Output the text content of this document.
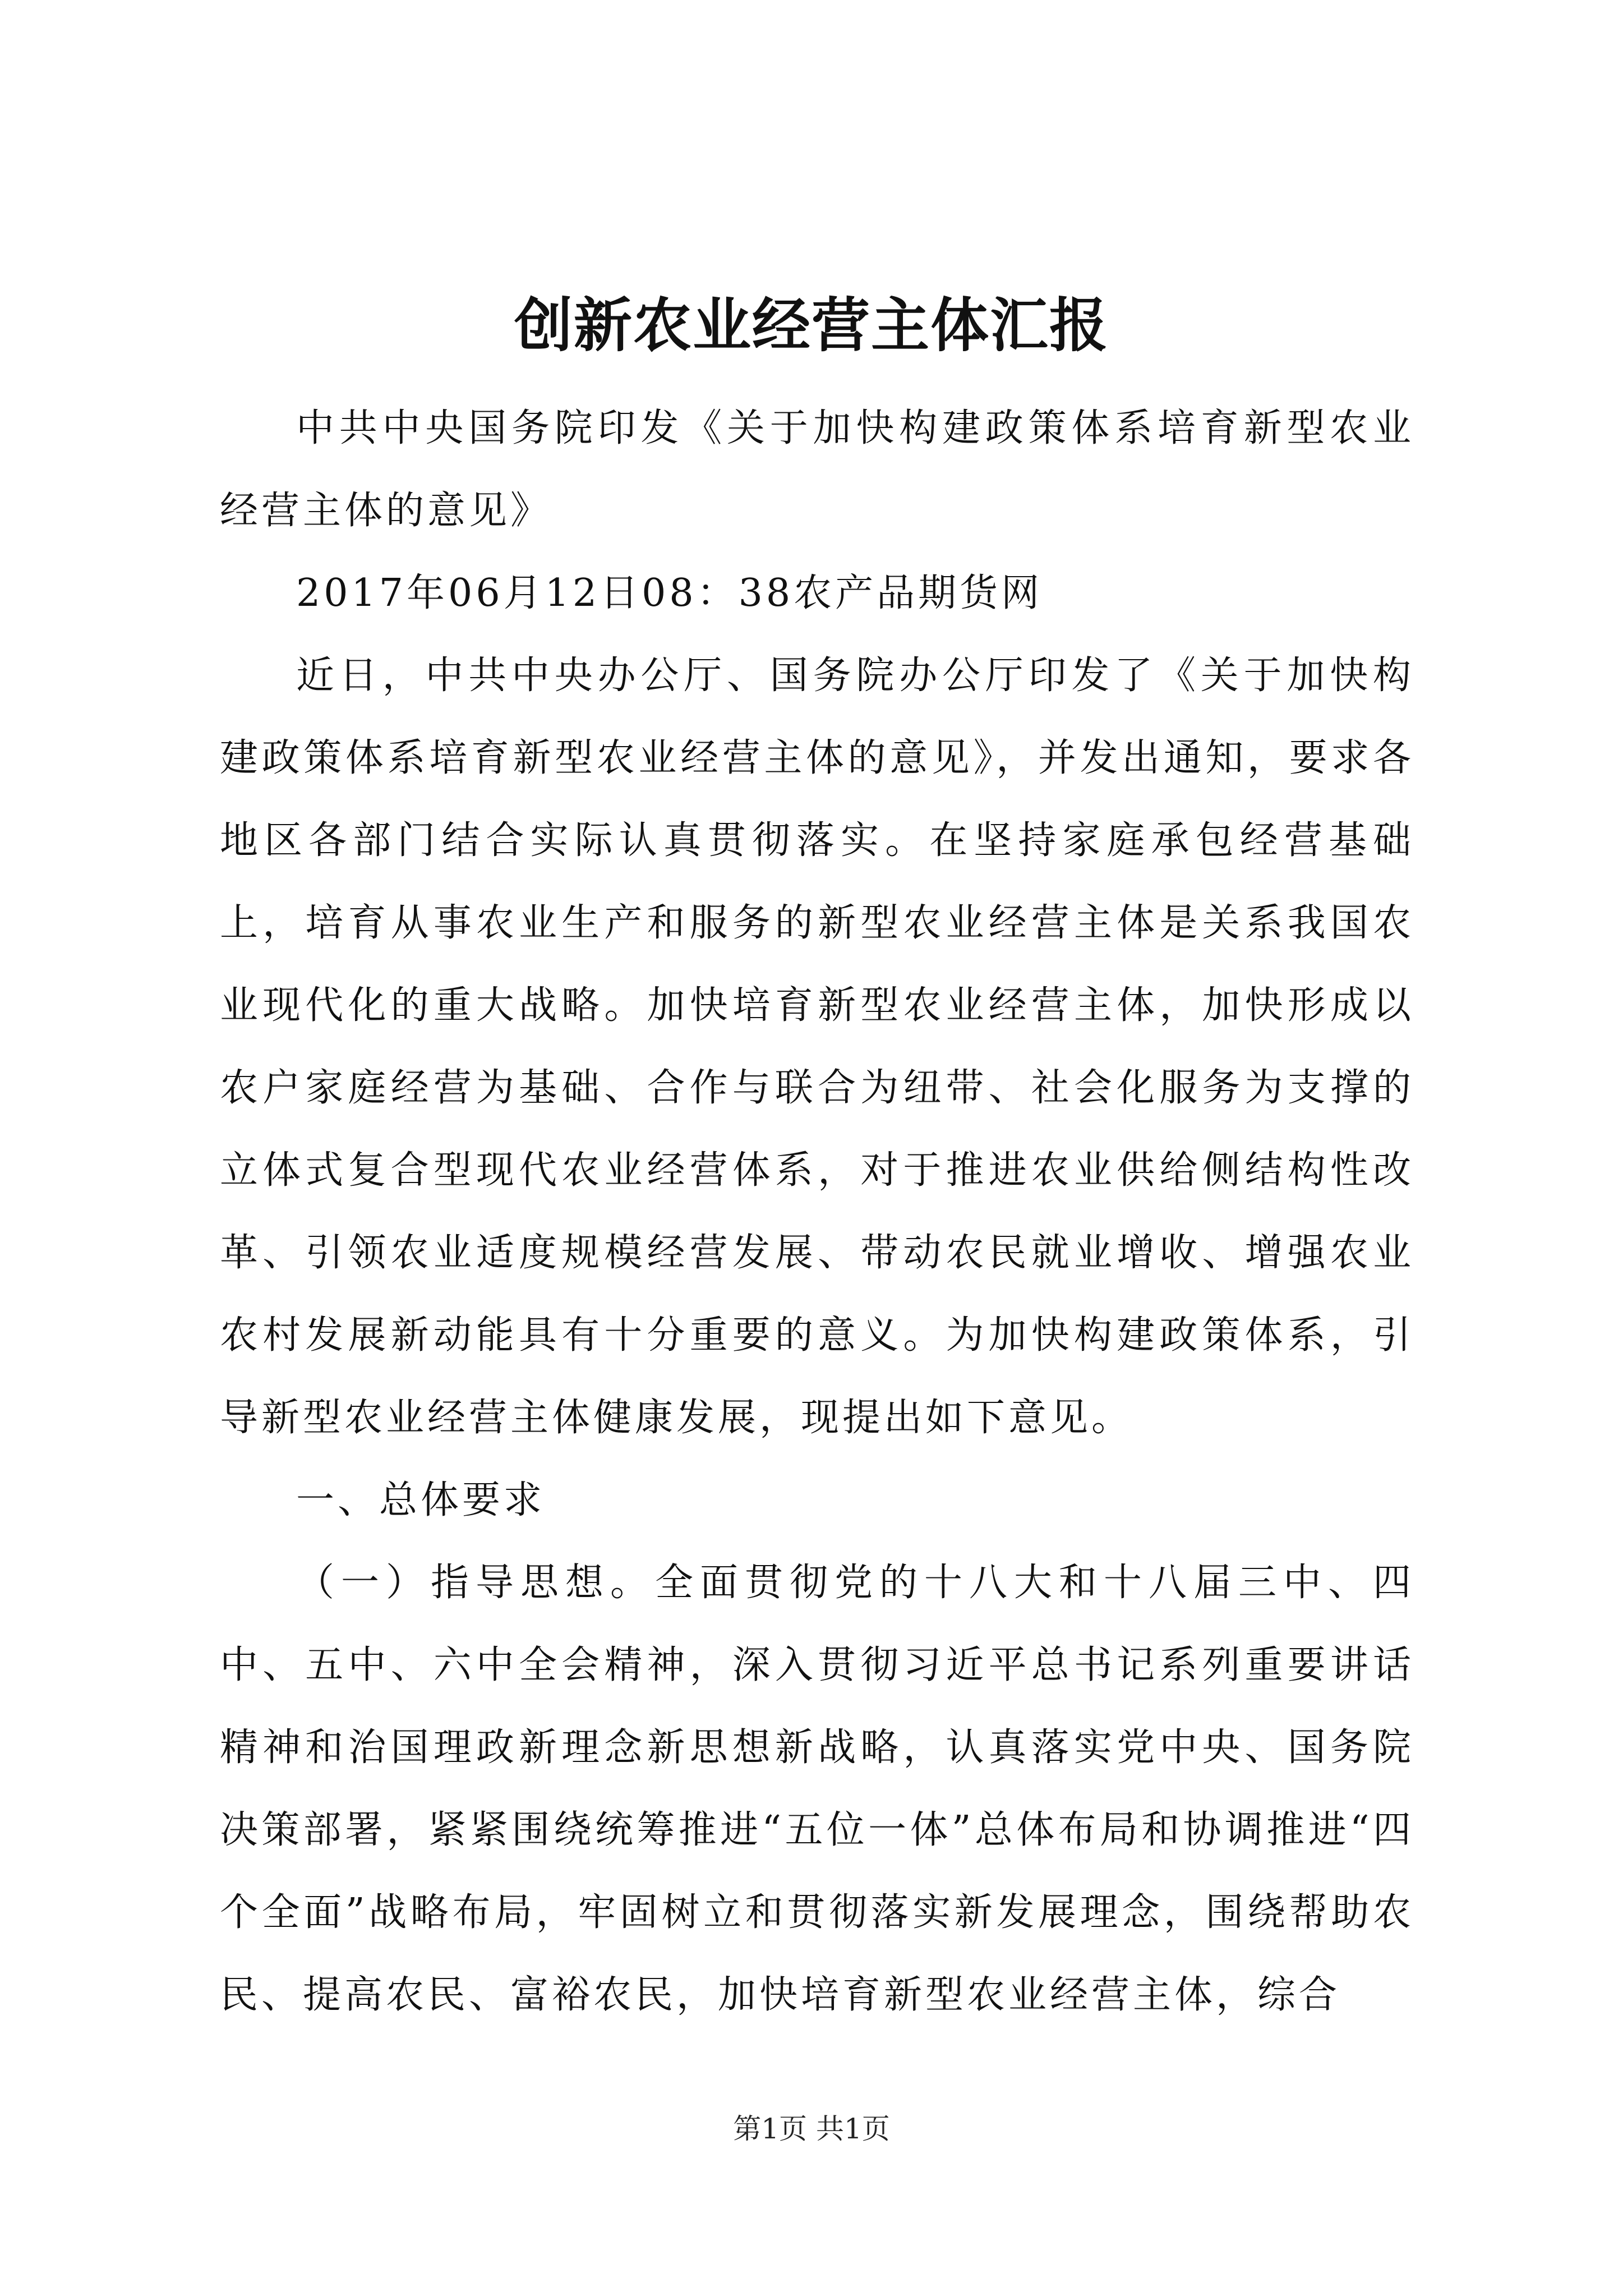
创新农业经营主体汇报

中共中央国务院印发《关于加快构建政策体系培育新型农业经营主体的意见》

2017年06月12日08：38农产品期货网

近日，中共中央办公厅、国务院办公厅印发了《关于加快构建政策体系培育新型农业经营主体的意见》，并发出通知，要求各地区各部门结合实际认真贯彻落实。在坚持家庭承包经营基础上，培育从事农业生产和服务的新型农业经营主体是关系我国农业现代化的重大战略。加快培育新型农业经营主体，加快形成以农户家庭经营为基础、合作与联合为纽带、社会化服务为支撑的立体式复合型现代农业经营体系，对于推进农业供给侧结构性改革、引领农业适度规模经营发展、带动农民就业增收、增强农业农村发展新动能具有十分重要的意义。为加快构建政策体系，引导新型农业经营主体健康发展，现提出如下意见。

一、总体要求

（一）指导思想。全面贯彻党的十八大和十八届三中、四中、五中、六中全会精神，深入贯彻习近平总书记系列重要讲话精神和治国理政新理念新思想新战略，认真落实党中央、国务院决策部署，紧紧围绕统筹推进“五位一体”总体布局和协调推进“四个全面”战略布局，牢固树立和贯彻落实新发展理念，围绕帮助农民、提高农民、富裕农民，加快培育新型农业经营主体，综合

第1页 共1页
